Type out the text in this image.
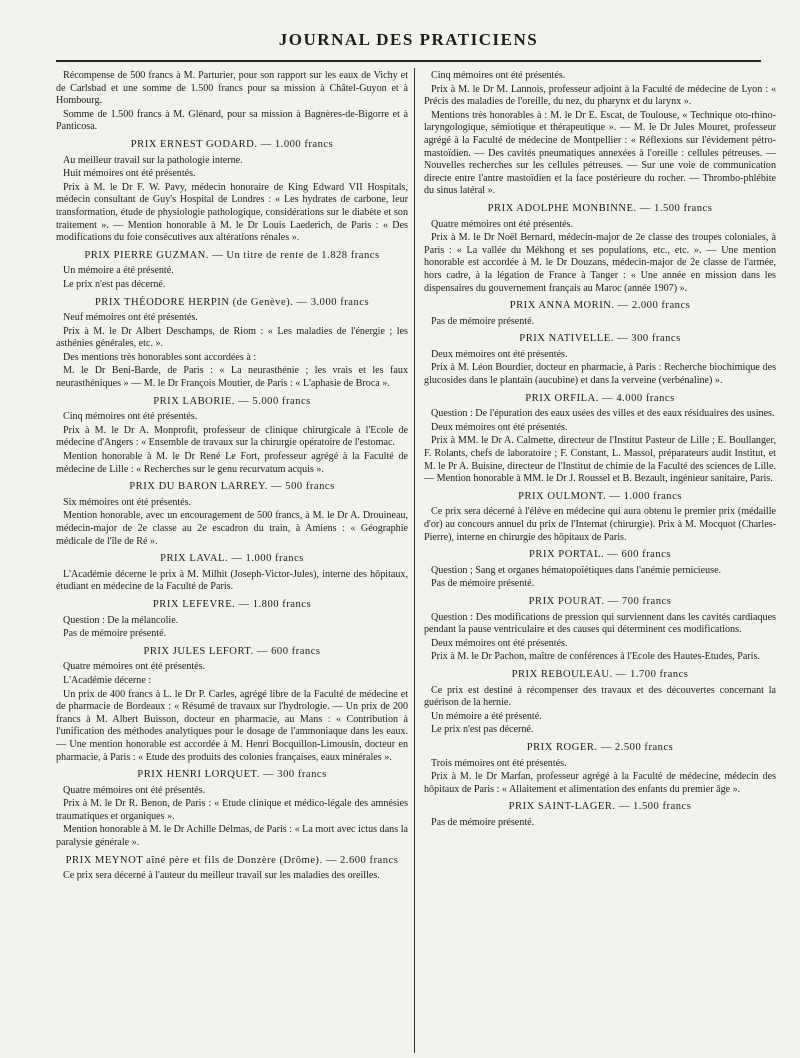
JOURNAL DES PRATICIENS
Récompense de 500 francs à M. Parturier, pour son rapport sur les eaux de Vichy et de Carlsbad et une somme de 1.500 francs pour sa mission à Châtel-Guyon et à Hombourg.
Somme de 1.500 francs à M. Glénard, pour sa mission à Bagnères-de-Bigorre et à Panticosa.
PRIX ERNEST GODARD. — 1.000 francs
Au meilleur travail sur la pathologie interne.
Huit mémoires ont été présentés.
Prix à M. le Dr F. W. Pavy, médecin honoraire de King Edward VII Hospitals, médecin consultant de Guy's Hospital de Londres : « Les hydrates de carbone, leur transformation, étude de physiologie pathologique, considérations sur le diabète et son traitement ». — Mention honorable à M. le Dr Louis Laederich, de Paris : « Des modifications du foie consécutives aux altérations rénales ».
PRIX PIERRE GUZMAN. — Un titre de rente de 1.828 francs
Un mémoire a été présenté.
Le prix n'est pas décerné.
PRIX THÉODORE HERPIN (de Genève). — 3.000 francs
Neuf mémoires ont été présentés.
Prix à M. le Dr Albert Deschamps, de Riom : « Les maladies de l'énergie ; les asthénies générales, etc. ».
Des mentions très honorables sont accordées à :
M. le Dr Beni-Barde, de Paris : « La neurasthénie ; les vrais et les faux neurasthéniques » — M. le Dr François Moutier, de Paris : « L'aphasie de Broca ».
PRIX LABORIE. — 5.000 francs
Cinq mémoires ont été présentés.
Prix à M. le Dr A. Monprofit, professeur de clinique chirurgicale à l'Ecole de médecine d'Angers : « Ensemble de travaux sur la chirurgie opératoire de l'estomac.
Mention honorable à M. le Dr René Le Fort, professeur agrégé à la Faculté de médecine de Lille : « Recherches sur le genu recurvatum acquis ».
PRIX DU BARON LARREY. — 500 francs
Six mémoires ont été présentés.
Mention honorable, avec un encouragement de 500 francs, à M. le Dr A. Drouineau, médecin-major de 2e classe au 2e escadron du train, à Amiens : « Géographie médicale de l'île de Ré ».
PRIX LAVAL. — 1.000 francs
L'Académie décerne le prix à M. Milhit (Joseph-Victor-Jules), interne des hôpitaux, étudiant en médecine de la Faculté de Paris.
PRIX LEFEVRE. — 1.800 francs
Question : De la mélancolie.
Pas de mémoire présenté.
PRIX JULES LEFORT. — 600 francs
Quatre mémoires ont été présentés.
L'Académie décerne :
Un prix de 400 francs à L. le Dr P. Carles, agrégé libre de la Faculté de médecine et de pharmacie de Bordeaux : « Résumé de travaux sur l'hydrologie. — Un prix de 200 francs à M. Albert Buisson, docteur en pharmacie, au Mans : « Contribution à l'unification des méthodes analytiques pour le dosage de l'ammoniaque dans les eaux. — Une mention honorable est accordée à M. Henri Bocquillon-Limousin, docteur en pharmacie, à Paris : « Etude des produits des colonies françaises, eaux minérales ».
PRIX HENRI LORQUET. — 300 francs
Quatre mémoires ont été présentés.
Prix à M. le Dr R. Benon, de Paris : « Etude clinique et médico-légale des amnésies traumatiques et organiques ».
Mention honorable à M. le Dr Achille Delmas, de Paris : « La mort avec ictus dans la paralysie générale ».
PRIX MEYNOT aîné père et fils de Donzère (Drôme). — 2.600 francs
Ce prix sera décerné à l'auteur du meilleur travail sur les maladies des oreilles.
Cinq mémoires ont été présentés.
Prix à M. le Dr M. Lannois, professeur adjoint à la Faculté de médecine de Lyon : « Précis des maladies de l'oreille, du nez, du pharynx et du larynx ».
Mentions très honorables à : M. le Dr E. Escat, de Toulouse, « Technique oto-rhino-laryngologique, sémiotique et thérapeutique ». — M. le Dr Jules Mouret, professeur agrégé à la Faculté de médecine de Montpellier : « Réflexions sur l'évidement pétro-mastoïdien. — Des cavités pneumatiques annexées à l'oreille : cellules pétreuses. — Nouvelles recherches sur les cellules pétreuses. — Sur une voie de communication directe entre l'antre mastoïdien et la face postérieure du rocher. — Thrombo-phlébite du sinus latéral ».
PRIX ADOLPHE MONBINNE. — 1.500 francs
Quatre mémoires ont été présentés.
Prix à M. le Dr Noël Bernard, médecin-major de 2e classe des troupes coloniales, à Paris : « La vallée du Mékhong et ses populations, etc., etc. ». — Une mention honorable est accordée à M. le Dr Douzans, médecin-major de 2e classe de l'armée, hors cadre, à la légation de France à Tanger : « Une année en mission dans les dispensaires du gouvernement français au Maroc (année 1907) ».
PRIX ANNA MORIN. — 2.000 francs
Pas de mémoire présenté.
PRIX NATIVELLE. — 300 francs
Deux mémoires ont été présentés.
Prix à M. Léon Bourdier, docteur en pharmacie, à Paris : Recherche biochimique des glucosides dans le plantain (aucubine) et dans la verveine (verbénaline) ».
PRIX ORFILA. — 4.000 francs
Question : De l'épuration des eaux usées des villes et des eaux résiduaires des usines.
Deux mémoires ont été présentés.
Prix à MM. le Dr A. Calmette, directeur de l'Institut Pasteur de Lille ; E. Boullanger, F. Rolants, chefs de laboratoire ; F. Constant, L. Massol, préparateurs audit Institut, et M. le Pr A. Buisine, directeur de l'Institut de chimie de la Faculté des sciences de Lille. — Mention honorable à MM. le Dr J. Roussel et B. Bezault, ingénieur sanitaire, Paris.
PRIX OULMONT. — 1.000 francs
Ce prix sera décerné à l'élève en médecine qui aura obtenu le premier prix (médaille d'or) au concours annuel du prix de l'Internat (chirurgie). Prix à M. Mocquot (Charles-Pierre), interne en chirurgie des hôpitaux de Paris.
PRIX PORTAL. — 600 francs
Question ; Sang et organes hématopoïétiques dans l'anémie pernicieuse.
Pas de mémoire présenté.
PRIX POURAT. — 700 francs
Question : Des modifications de pression qui surviennent dans les cavités cardiaques pendant la pause ventriculaire et des causes qui déterminent ces modifications.
Deux mémoires ont été présentés.
Prix à M. le Dr Pachon, maître de conférences à l'Ecole des Hautes-Etudes, Paris.
PRIX REBOULEAU. — 1.700 francs
Ce prix est destiné à récompenser des travaux et des découvertes concernant la guérison de la hernie.
Un mémoire a été présenté.
Le prix n'est pas décerné.
PRIX ROGER. — 2.500 francs
Trois mémoires ont été présentés.
Prix à M. le Dr Marfan, professeur agrégé à la Faculté de médecine, médecin des hôpitaux de Paris : « Allaitement et alimentation des enfants du premier âge ».
PRIX SAINT-LAGER. — 1.500 francs
Pas de mémoire présenté.
